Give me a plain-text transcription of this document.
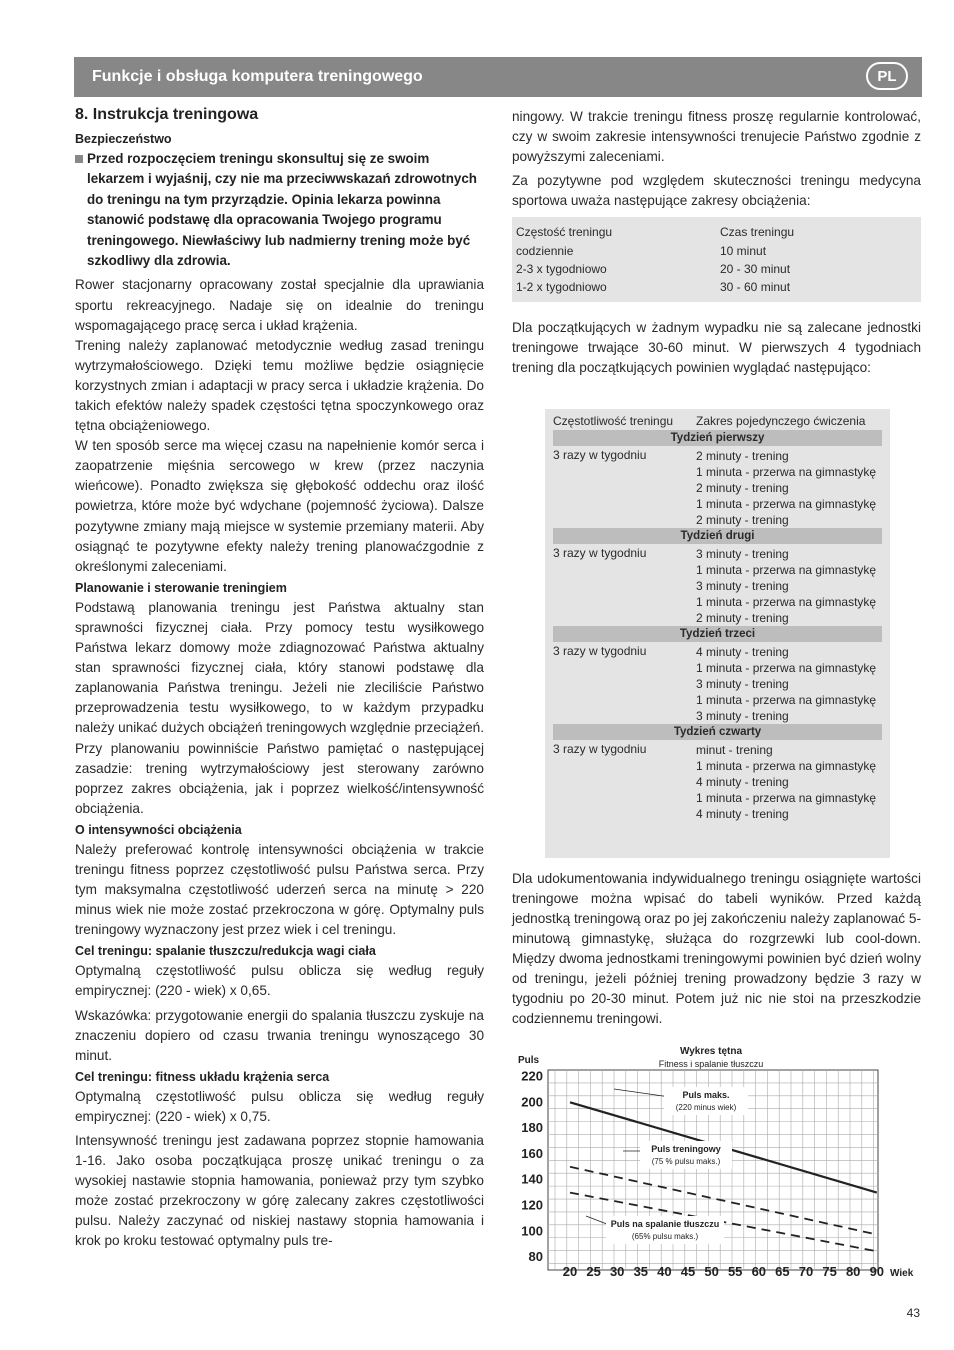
Funkcje i obsługa komputera treningowego	PL
8. Instrukcja treningowa
Bezpieczeństwo
Przed rozpoczęciem treningu skonsultuj się ze swoim lekarzem i wyjaśnij, czy nie ma przeciwwskazań zdrowotnych do treningu na tym przyrządzie. Opinia lekarza powinna stanowić podstawę dla opracowania Twojego programu treningowego. Niewłaściwy lub nadmierny trening może być szkodliwy dla zdrowia.

Rower stacjonarny opracowany został specjalnie dla uprawiania sportu rekreacyjnego. Nadaje się on idealnie do treningu wspomagającego pracę serca i układ krążenia.

Trening należy zaplanować metodycznie według zasad treningu wytrzymałościowego. Dzięki temu możliwe będzie osiągnięcie korzystnych zmian i adaptacji w pracy serca i układzie krążenia. Do takich efektów należy spadek częstości tętna spoczynkowego oraz tętna obciążeniowego.

W ten sposób serce ma więcej czasu na napełnienie komór serca i zaopatrzenie mięśnia sercowego w krew (przez naczynia wieńcowe). Ponadto zwiększa się głębokość oddechu oraz ilość powietrza, które może być wdychane (pojemność życiowa). Dalsze pozytywne zmiany mają miejsce w systemie przemiany materii. Aby osiągnąć te pozytywne efekty należy trening planowaćzgodnie z określonymi zaleceniami.

Planowanie i sterowanie treningiem

Podstawą planowania treningu jest Państwa aktualny stan sprawności fizycznej ciała. Przy pomocy testu wysiłkowego Państwa lekarz domowy może zdiagnozować Państwa aktualny stan sprawności fizycznej ciała, który stanowi podstawę dla zaplanowania Państwa treningu. Jeżeli nie zleciliście Państwo przeprowadzenia testu wysiłkowego, to w każdym przypadku należy unikać dużych obciążeń treningowych względnie przeciążeń. Przy planowaniu powinniście Państwo pamiętać o następującej zasadzie: trening wytrzymałościowy jest sterowany zarówno poprzez zakres obciążenia, jak i poprzez wielkość/intensywność obciążenia.

O intensywności obciążenia

Należy preferować kontrolę intensywności obciążenia w trakcie treningu fitness poprzez częstotliwość pulsu Państwa serca. Przy tym maksymalna częstotliwość uderzeń serca na minutę > 220 minus wiek nie może zostać przekroczona w górę. Optymalny puls treningowy wyznaczony jest przez wiek i cel treningu.

Cel treningu: spalanie tłuszczu/redukcja wagi ciała

Optymalną częstotliwość pulsu oblicza się według reguły empirycznej: (220 - wiek) x 0,65.

Wskazówka: przygotowanie energii do spalania tłuszczu zyskuje na znaczeniu dopiero od czasu trwania treningu wynoszącego 30 minut.

Cel treningu: fitness układu krążenia serca

Optymalną częstotliwość pulsu oblicza się według reguły empirycznej: (220 - wiek) x 0,75.

Intensywność treningu jest zadawana poprzez stopnie hamowania 1-16. Jako osoba początkująca proszę unikać treningu o za wysokiej nastawie stopnia hamowania, ponieważ przy tym szybko może zostać przekroczony w górę zalecany zakres częstotliwości pulsu. Należy zaczynać od niskiej nastawy stopnia hamowania i krok po kroku testować optymalny puls tre-

ningowy. W trakcie treningu fitness proszę regularnie kontrolować, czy w swoim zakresie intensywności trenujecie Państwo zgodnie z powyższymi zaleceniami.

Za pozytywne pod względem skuteczności treningu medycyna sportowa uważa następujące zakresy obciążenia:

Częstość treningu	Czas treningu
codziennie	10 minut
2-3 x tygodniowo	20 - 30 minut
1-2 x tygodniowo	30 - 60 minut

Dla początkujących w żadnym wypadku nie są zalecane jednostki treningowe trwające 30-60 minut. W pierwszych 4 tygodniach trening dla początkujących powinien wyglądać następująco:

Dla udokumentowania indywidualnego treningu osiągnięte wartości treningowe można wpisać do tabeli wyników. Przed każdą jednostką treningową oraz po jej zakończeniu należy zaplanować 5-minutową gimnastykę, służąca do rozgrzewki lub cool-down. Między dwoma jednostkami treningowymi powinien być dzień wolny od treningu, jeżeli później trening prowadzony będzie 3 razy w tygodniu po 20-30 minut. Potem już nic nie stoi na przeszkodzie codziennemu treningowi.

Częstotliwość treningu	Zakres pojedynczego ćwiczenia
Tydzień pierwszy
3 razy w tygodniu	2 minuty - trening
1 minuta - przerwa na gimnastykę
2 minuty - trening
1 minuta - przerwa na gimnastykę
2 minuty - trening
Tydzień drugi
3 razy w tygodniu	3 minuty - trening
1 minuta - przerwa na gimnastykę
3 minuty - trening
1 minuta - przerwa na gimnastykę
2 minuty - trening
Tydzień trzeci
3 razy w tygodniu	4 minuty - trening
1 minuta - przerwa na gimnastykę
3 minuty - trening
1 minuta - przerwa na gimnastykę
3 minuty - trening
Tydzień czwarty
3 razy w tygodniu	minut - trening
1 minuta - przerwa na gimnastykę
4 minuty - trening
1 minuta - przerwa na gimnastykę
4 minuty - trening
Puls
Wykres tętna
Fitness i spalanie tłuszczu
Wiek
220
200
180
160
140
120
100
80
20 25 30 35 40 45 50 55 60 65 70 75 80 90
Puls maks.
(220 minus wiek)
Puls treningowy
(75 % pulsu maks.)
Puls na spalanie tłuszczu
(65% pulsu maks.)
43
